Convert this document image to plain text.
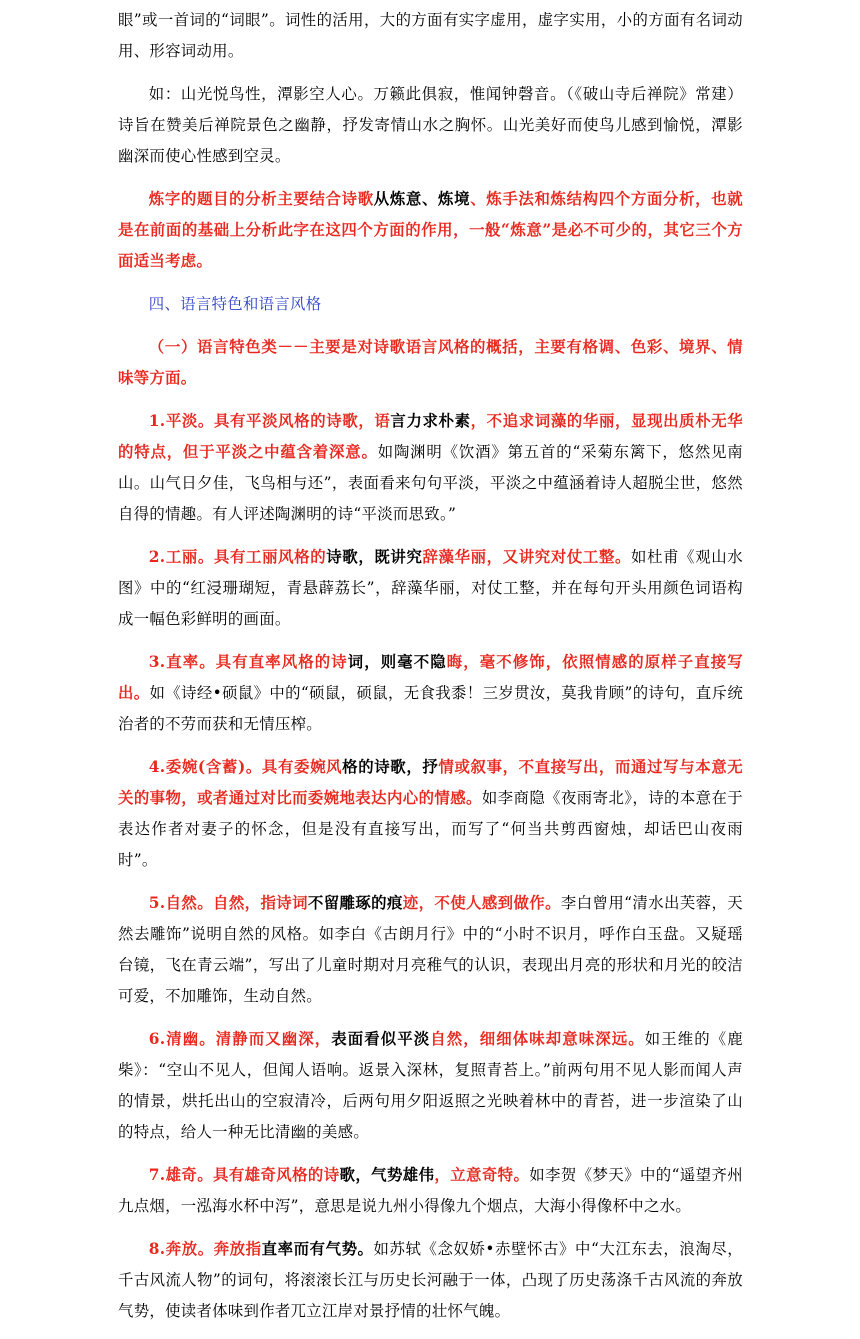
眼”或一首词的“词眼”。词性的活用，大的方面有实字虚用，虚字实用，小的方面有名词动用、形容词动用。

如：山光悦鸟性，潭影空人心。万籁此俱寂，惟闻钟磬音。（《破山寺后禅院》常建）诗旨在赞美后禅院景色之幽静，抒发寄情山水之胸怀。山光美好而使鸟儿感到愉悦，潭影幽深而使心性感到空灵。

炼字的题目的分析主要结合诗歌从炼意、炼境、炼手法和炼结构四个方面分析，也就是在前面的基础上分析此字在这四个方面的作用，一般“炼意”是必不可少的，其它三个方面适当考虑。

四、语言特色和语言风格

（一）语言特色类－－主要是对诗歌语言风格的概括，主要有格调、色彩、境界、情味等方面。

1.平淡。具有平淡风格的诗歌，语言力求朴素，不追求词藻的华丽，显现出质朴无华的特点，但于平淡之中蕴含着深意。如陶渊明《饮酒》第五首的“采菊东篱下，悠然见南山。山气日夕佳，飞鸟相与还”，表面看来句句平淡，平淡之中蕴涵着诗人超脱尘世，悠然自得的情趣。有人评述陶渊明的诗“平淡而思致。”

2.工丽。具有工丽风格的诗歌，既讲究辞藻华丽，又讲究对仗工整。如杜甫《观山水图》中的“红浸珊瑚短，青悬薜荔长”，辞藻华丽，对仗工整，并在每句开头用颜色词语构成一幅色彩鲜明的画面。

3.直率。具有直率风格的诗词，则毫不隐晦，毫不修饰，依照情感的原样子直接写出。如《诗经•硕鼠》中的“硕鼠，硕鼠，无食我黍！三岁贯汝，莫我肯顾”的诗句，直斥统治者的不劳而获和无情压榨。

4.委婉(含蓄)。具有委婉风格的诗歌，抒情或叙事，不直接写出，而通过写与本意无关的事物，或者通过对比而委婉地表达内心的情感。如李商隐《夜雨寄北》，诗的本意在于表达作者对妻子的怀念，但是没有直接写出，而写了“何当共剪西窗烛，却话巴山夜雨时”。

5.自然。自然，指诗词不留雕琢的痕迹，不使人感到做作。李白曾用“清水出芙蓉，天然去雕饰”说明自然的风格。如李白《古朗月行》中的“小时不识月，呼作白玉盘。又疑瑶台镜，飞在青云端”，写出了儿童时期对月亮稚气的认识，表现出月亮的形状和月光的皎洁可爱，不加雕饰，生动自然。

6.清幽。清静而又幽深，表面看似平淡自然，细细体味却意味深远。如王维的《鹿柴》：“空山不见人，但闻人语响。返景入深林，复照青苔上。”前两句用不见人影而闻人声的情景，烘托出山的空寂清冷，后两句用夕阳返照之光映着林中的青苔，进一步渲染了山的特点，给人一种无比清幽的美感。

7.雄奇。具有雄奇风格的诗歌，气势雄伟，立意奇特。如李贺《梦天》中的“遥望齐州九点烟，一泓海水杯中泻”，意思是说九州小得像九个烟点，大海小得像杯中之水。

8.奔放。奔放指直率而有气势。如苏轼《念奴娇•赤壁怀古》中“大江东去，浪淘尽，千古风流人物”的词句，将滚滚长江与历史长河融于一体，凸现了历史荡涤千古风流的奔放气势，使读者体味到作者兀立江岸对景抒情的壮怀气魄。
